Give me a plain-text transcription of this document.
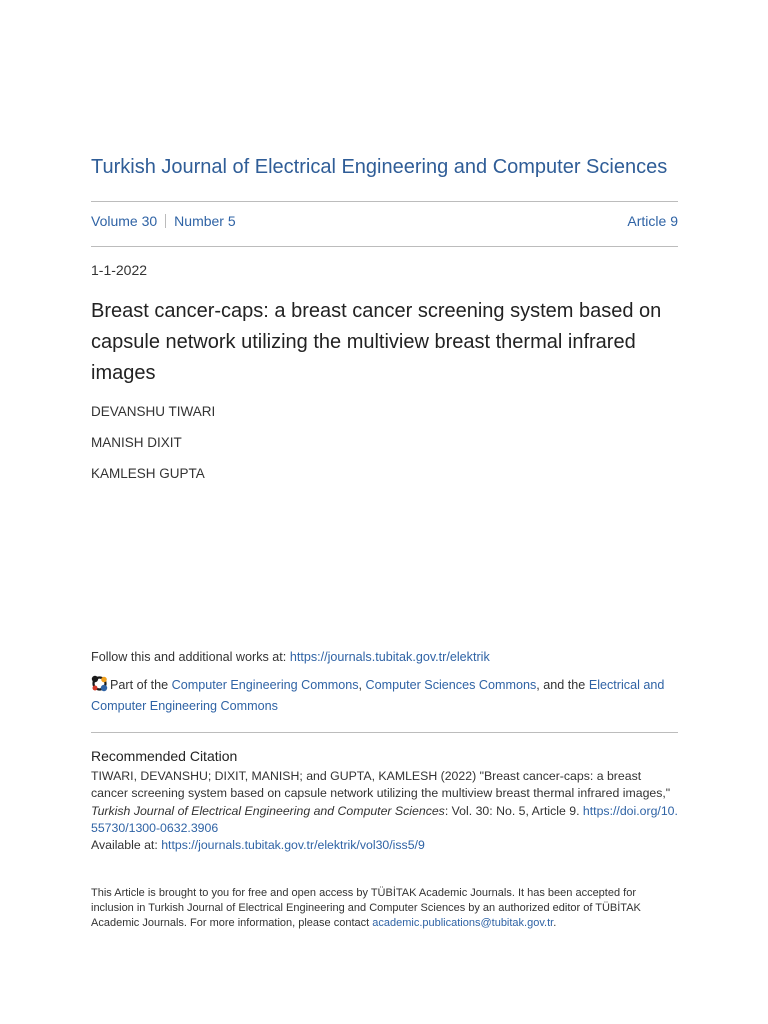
Turkish Journal of Electrical Engineering and Computer Sciences
Volume 30 Number 5	Article 9
1-1-2022
Breast cancer-caps: a breast cancer screening system based on capsule network utilizing the multiview breast thermal infrared images
DEVANSHU TIWARI
MANISH DIXIT
KAMLESH GUPTA
Follow this and additional works at: https://journals.tubitak.gov.tr/elektrik
Part of the Computer Engineering Commons, Computer Sciences Commons, and the Electrical and Computer Engineering Commons
Recommended Citation
TIWARI, DEVANSHU; DIXIT, MANISH; and GUPTA, KAMLESH (2022) "Breast cancer-caps: a breast cancer screening system based on capsule network utilizing the multiview breast thermal infrared images," Turkish Journal of Electrical Engineering and Computer Sciences: Vol. 30: No. 5, Article 9. https://doi.org/10.55730/1300-0632.3906
Available at: https://journals.tubitak.gov.tr/elektrik/vol30/iss5/9
This Article is brought to you for free and open access by TÜBİTAK Academic Journals. It has been accepted for inclusion in Turkish Journal of Electrical Engineering and Computer Sciences by an authorized editor of TÜBİTAK Academic Journals. For more information, please contact academic.publications@tubitak.gov.tr.
